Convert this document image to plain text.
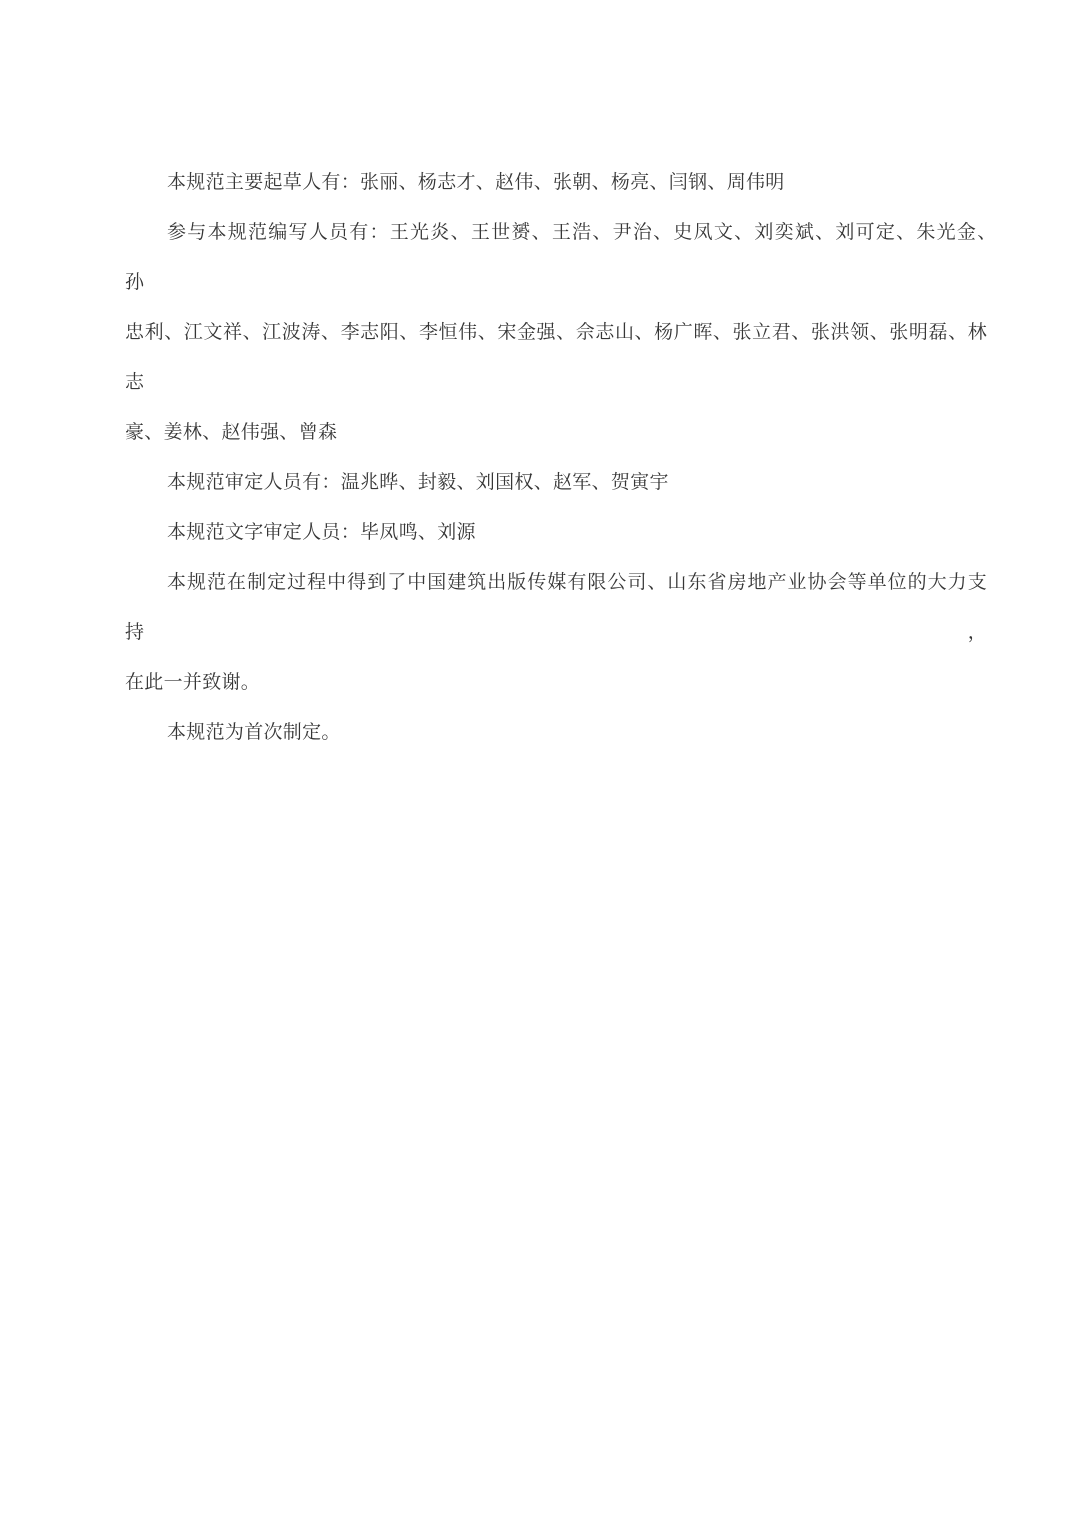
本规范主要起草人有：张丽、杨志才、赵伟、张朝、杨亮、闫钢、周伟明
参与本规范编写人员有：王光炎、王世赟、王浩、尹治、史凤文、刘奕斌、刘可定、朱光金、　孙
忠利、江文祥、江波涛、李志阳、李恒伟、宋金强、佘志山、杨广晖、张立君、张洪领、张明磊、林志
豪、姜林、赵伟强、曾森
本规范审定人员有：温兆晔、封毅、刘国权、赵军、贺寅宇
本规范文字审定人员：毕凤鸣、刘源
本规范在制定过程中得到了中国建筑出版传媒有限公司、山东省房地产业协会等单位的大力支持，
在此一并致谢。
本规范为首次制定。
